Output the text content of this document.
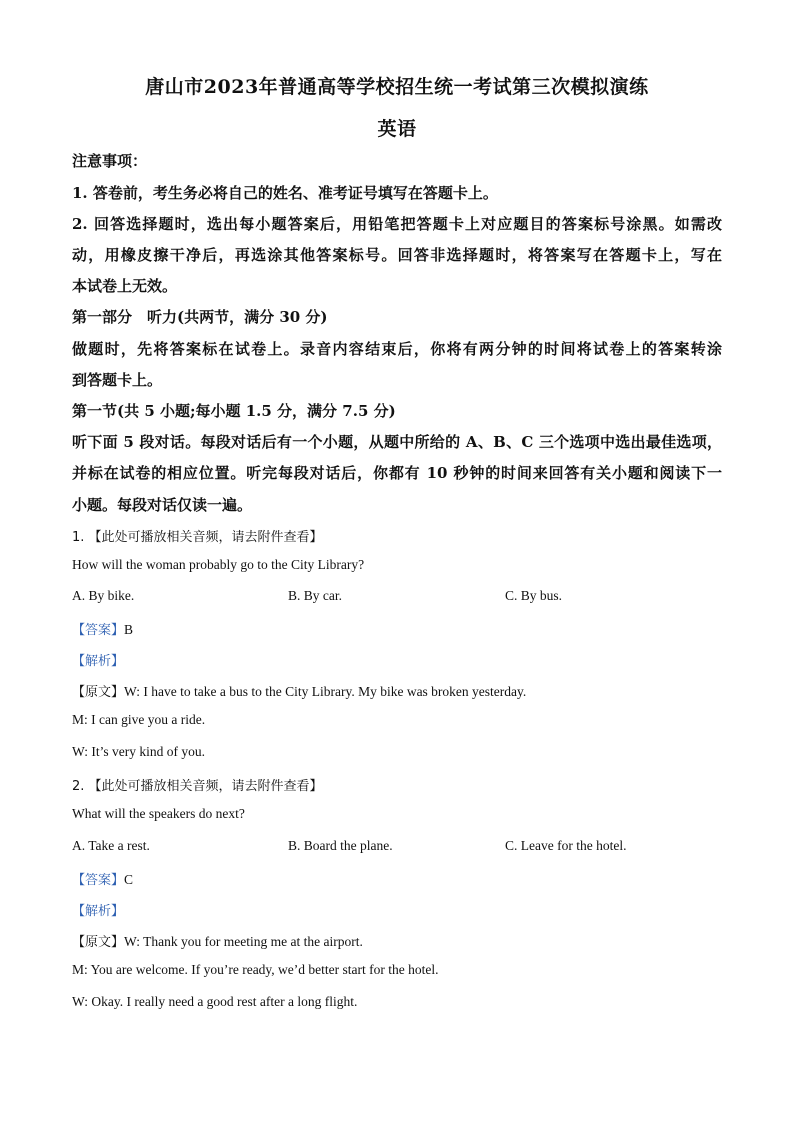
唐山市2023年普通高等学校招生统一考试第三次模拟演练
英语
注意事项：
1. 答卷前，考生务必将自己的姓名、准考证号填写在答题卡上。
2. 回答选择题时，选出每小题答案后，用铅笔把答题卡上对应题目的答案标号涂黑。如需改
动，用橡皮擦干净后，再选涂其他答案标号。回答非选择题时，将答案写在答题卡上，写在
本试卷上无效。
第一部分　听力(共两节，满分 30 分)
做题时，先将答案标在试卷上。录音内容结束后，你将有两分钟的时间将试卷上的答案转涂
到答题卡上。
第一节(共 5 小题;每小题 1.5 分，满分 7.5 分)
听下面 5 段对话。每段对话后有一个小题，从题中所给的 A、B、C 三个选项中选出最佳选项，
并标在试卷的相应位置。听完每段对话后，你都有 10 秒钟的时间来回答有关小题和阅读下一
小题。每段对话仅读一遍。
1. 【此处可播放相关音频，请去附件查看】
How will the woman probably go to the City Library?
A. By bike.	B. By car.	C. By bus.
【答案】B
【解析】
【原文】W: I have to take a bus to the City Library. My bike was broken yesterday.
M: I can give you a ride.
W: It’s very kind of you.
2. 【此处可播放相关音频，请去附件查看】
What will the speakers do next?
A. Take a rest.	B. Board the plane.	C. Leave for the hotel.
【答案】C
【解析】
【原文】W: Thank you for meeting me at the airport.
M: You are welcome. If you’re ready, we’d better start for the hotel.
W: Okay. I really need a good rest after a long flight.
